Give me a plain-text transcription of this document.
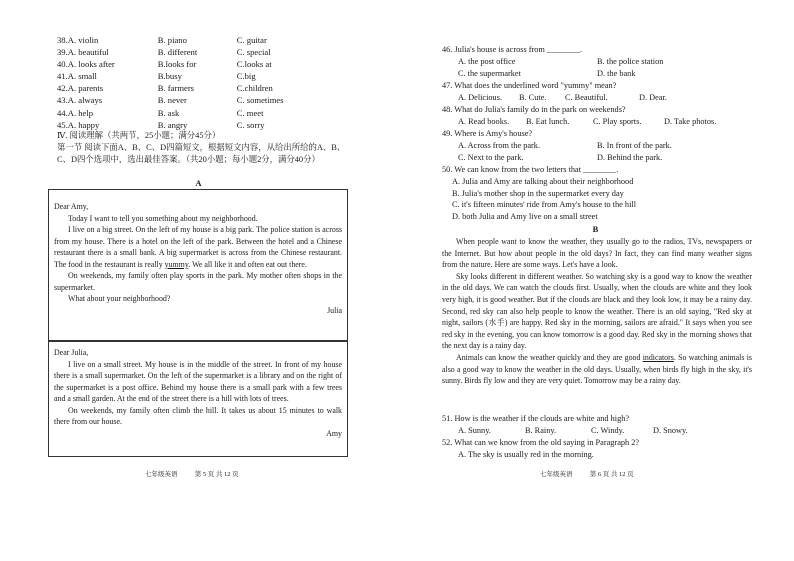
38. A. violin	B. piano	C. guitar
39. A. beautiful	B. different	C. special
40. A. looks after	B.looks for	C.looks at
41. A. small	B.busy	C.big
42. A. parents	B. farmers	C.children
43. A. always	B. never	C. sometimes
44. A. help	B. ask	C. meet
45. A. happy	B. angry	C. sorry
Ⅳ. 阅读理解（共两节，25小题；满分45分）
第一节 阅读下面A、B、C、D四篇短文，根据短文内容，从给出所给的A、B、C、D四个选项中，选出最佳答案。（共20小题；每小题2分，满分40分）
A

Dear Amy,

Today I want to tell you something about my neighborhood.

I live on a big street. On the left of my house is a big park. The police station is across from my house. There is a hotel on the left of the park. Between the hotel and a Chinese restaurant there is a small bank. A big supermarket is across from the Chinese restaurant. The food in the restaurant is really yummy. We all like it and often eat out there.

On weekends, my family often play sports in the park. My mother often shops in the supermarket.

What about your neighborhood?

Julia

Dear Julia,

I live on a small street. My house is in the middle of the street. In front of my house there is a small supermarket. On the left of the supermarket is a library and on the right of the supermarket is a post office. Behind my house there is a small park with a few trees and a small garden. At the end of the street there is a hill with lots of trees.

On weekends, my family often climb the hill. It takes us about 15 minutes to walk there from our house.

Amy

七年级英语	第 5 页 共 12 页
46. Julia's house is across from ________.
A. the post office	B. the police station
C. the supermarket	D. the bank
47. What does the underlined word "yummy" mean?
A. Delicious.	B. Cute.	C. Beautiful.	D. Dear.
48. What do Julia's family do in the park on weekends?
A. Read books.	B. Eat lunch.	C. Play sports.	D. Take photos.
49. Where is Amy's house?
A. Across from the park.	B. In front of the park.
C. Next to the park.	D. Behind the park.
50. We can know from the two letters that ________.
A. Julia and Amy are talking about their neighborhood
B. Julia's mother shop in the supermarket every day
C. it's fifteen minutes' ride from Amy's house to the hill
D. both Julia and Amy live on a small street
B

When people want to know the weather, they usually go to the radios, TVs, newspapers or the Internet. But how about people in the old days? In fact, they can find many weather signs from the nature. Here are some ways. Let's have a look.

Sky looks different in different weather. So watching sky is a good way to know the weather in the old days. We can watch the clouds first. Usually, when the clouds are white and they look very high, it is good weather. But if the clouds are black and they look low, it may be a rainy day. Second, red sky can also help people to know the weather. There is an old saying, "Red sky at night, sailors (水手) are happy. Red sky in the morning, sailors are afraid." It says when you see red sky in the evening, you can know tomorrow is a good day. Red sky in the morning shows that the next day is a rainy day.

Animals can know the weather quickly and they are good indicators. So watching animals is also a good way to know the weather in the old days. Usually, when birds fly high in the sky, it's sunny. Birds fly low and they are very quiet. Tomorrow may be a rainy day.

51. How is the weather if the clouds are white and high?
A. Sunny.	B. Rainy.	C. Windy.	D. Snowy.
52. What can we know from the old saying in Paragraph 2?
A. The sky is usually red in the morning.
七年级英语	第 6 页 共 12 页
